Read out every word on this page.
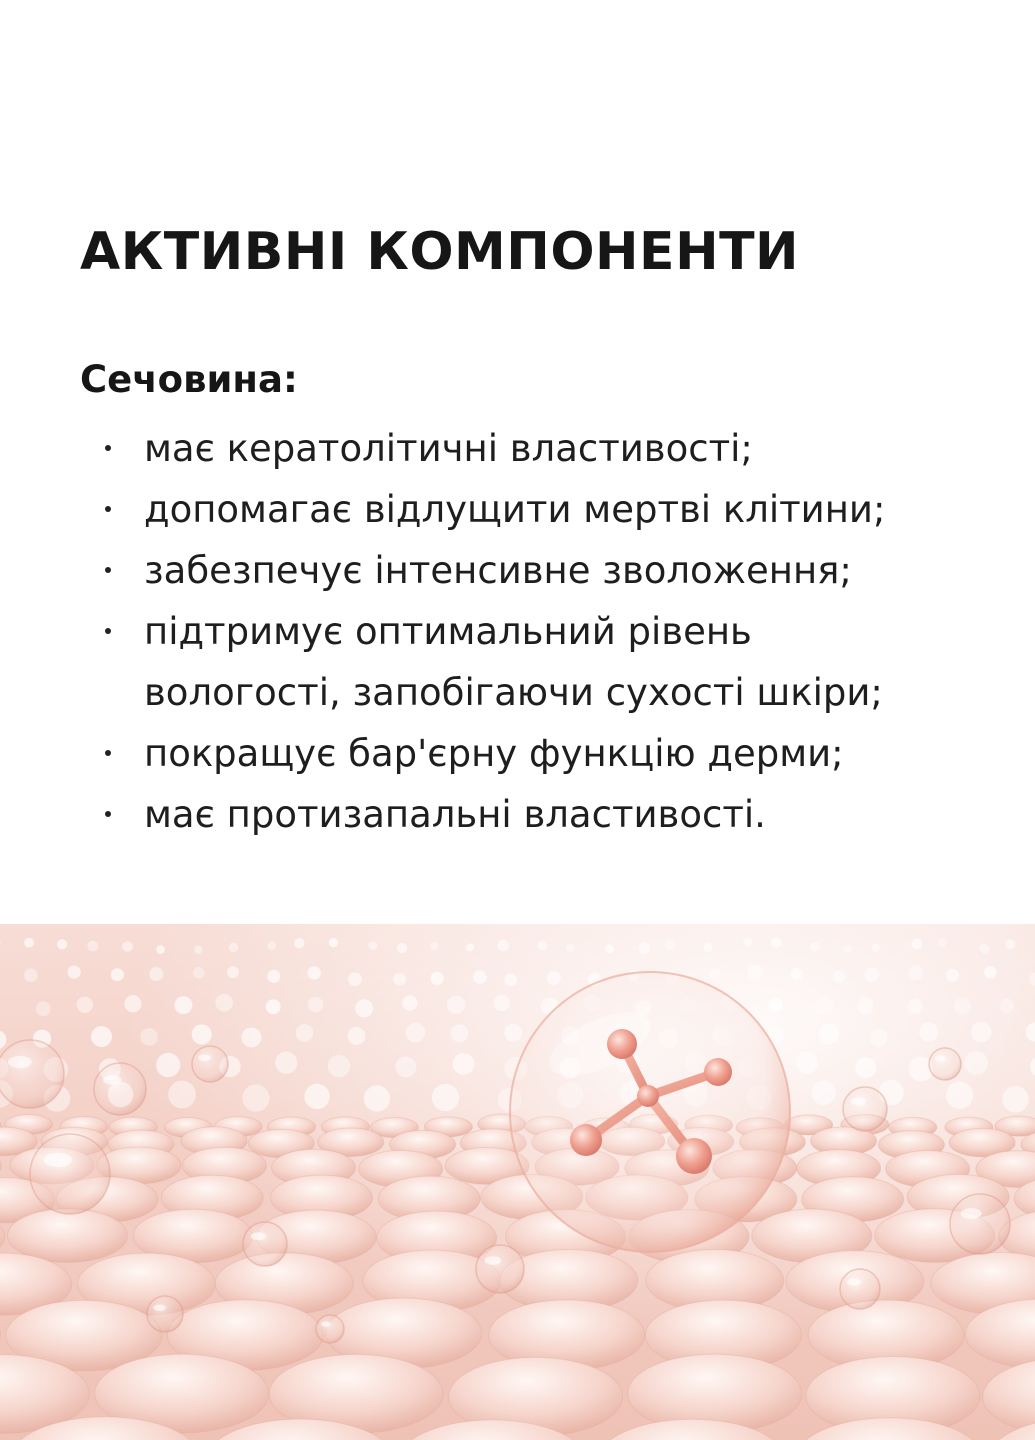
АКТИВНІ КОМПОНЕНТИ
Сечовина:
має кератолітичні властивості;
допомагає відлущити мертві клітини;
забезпечує інтенсивне зволоження;
підтримує оптимальний рівень
вологості, запобігаючи сухості шкіри;
покращує бар'єрну функцію дерми;
має протизапальні властивості.
